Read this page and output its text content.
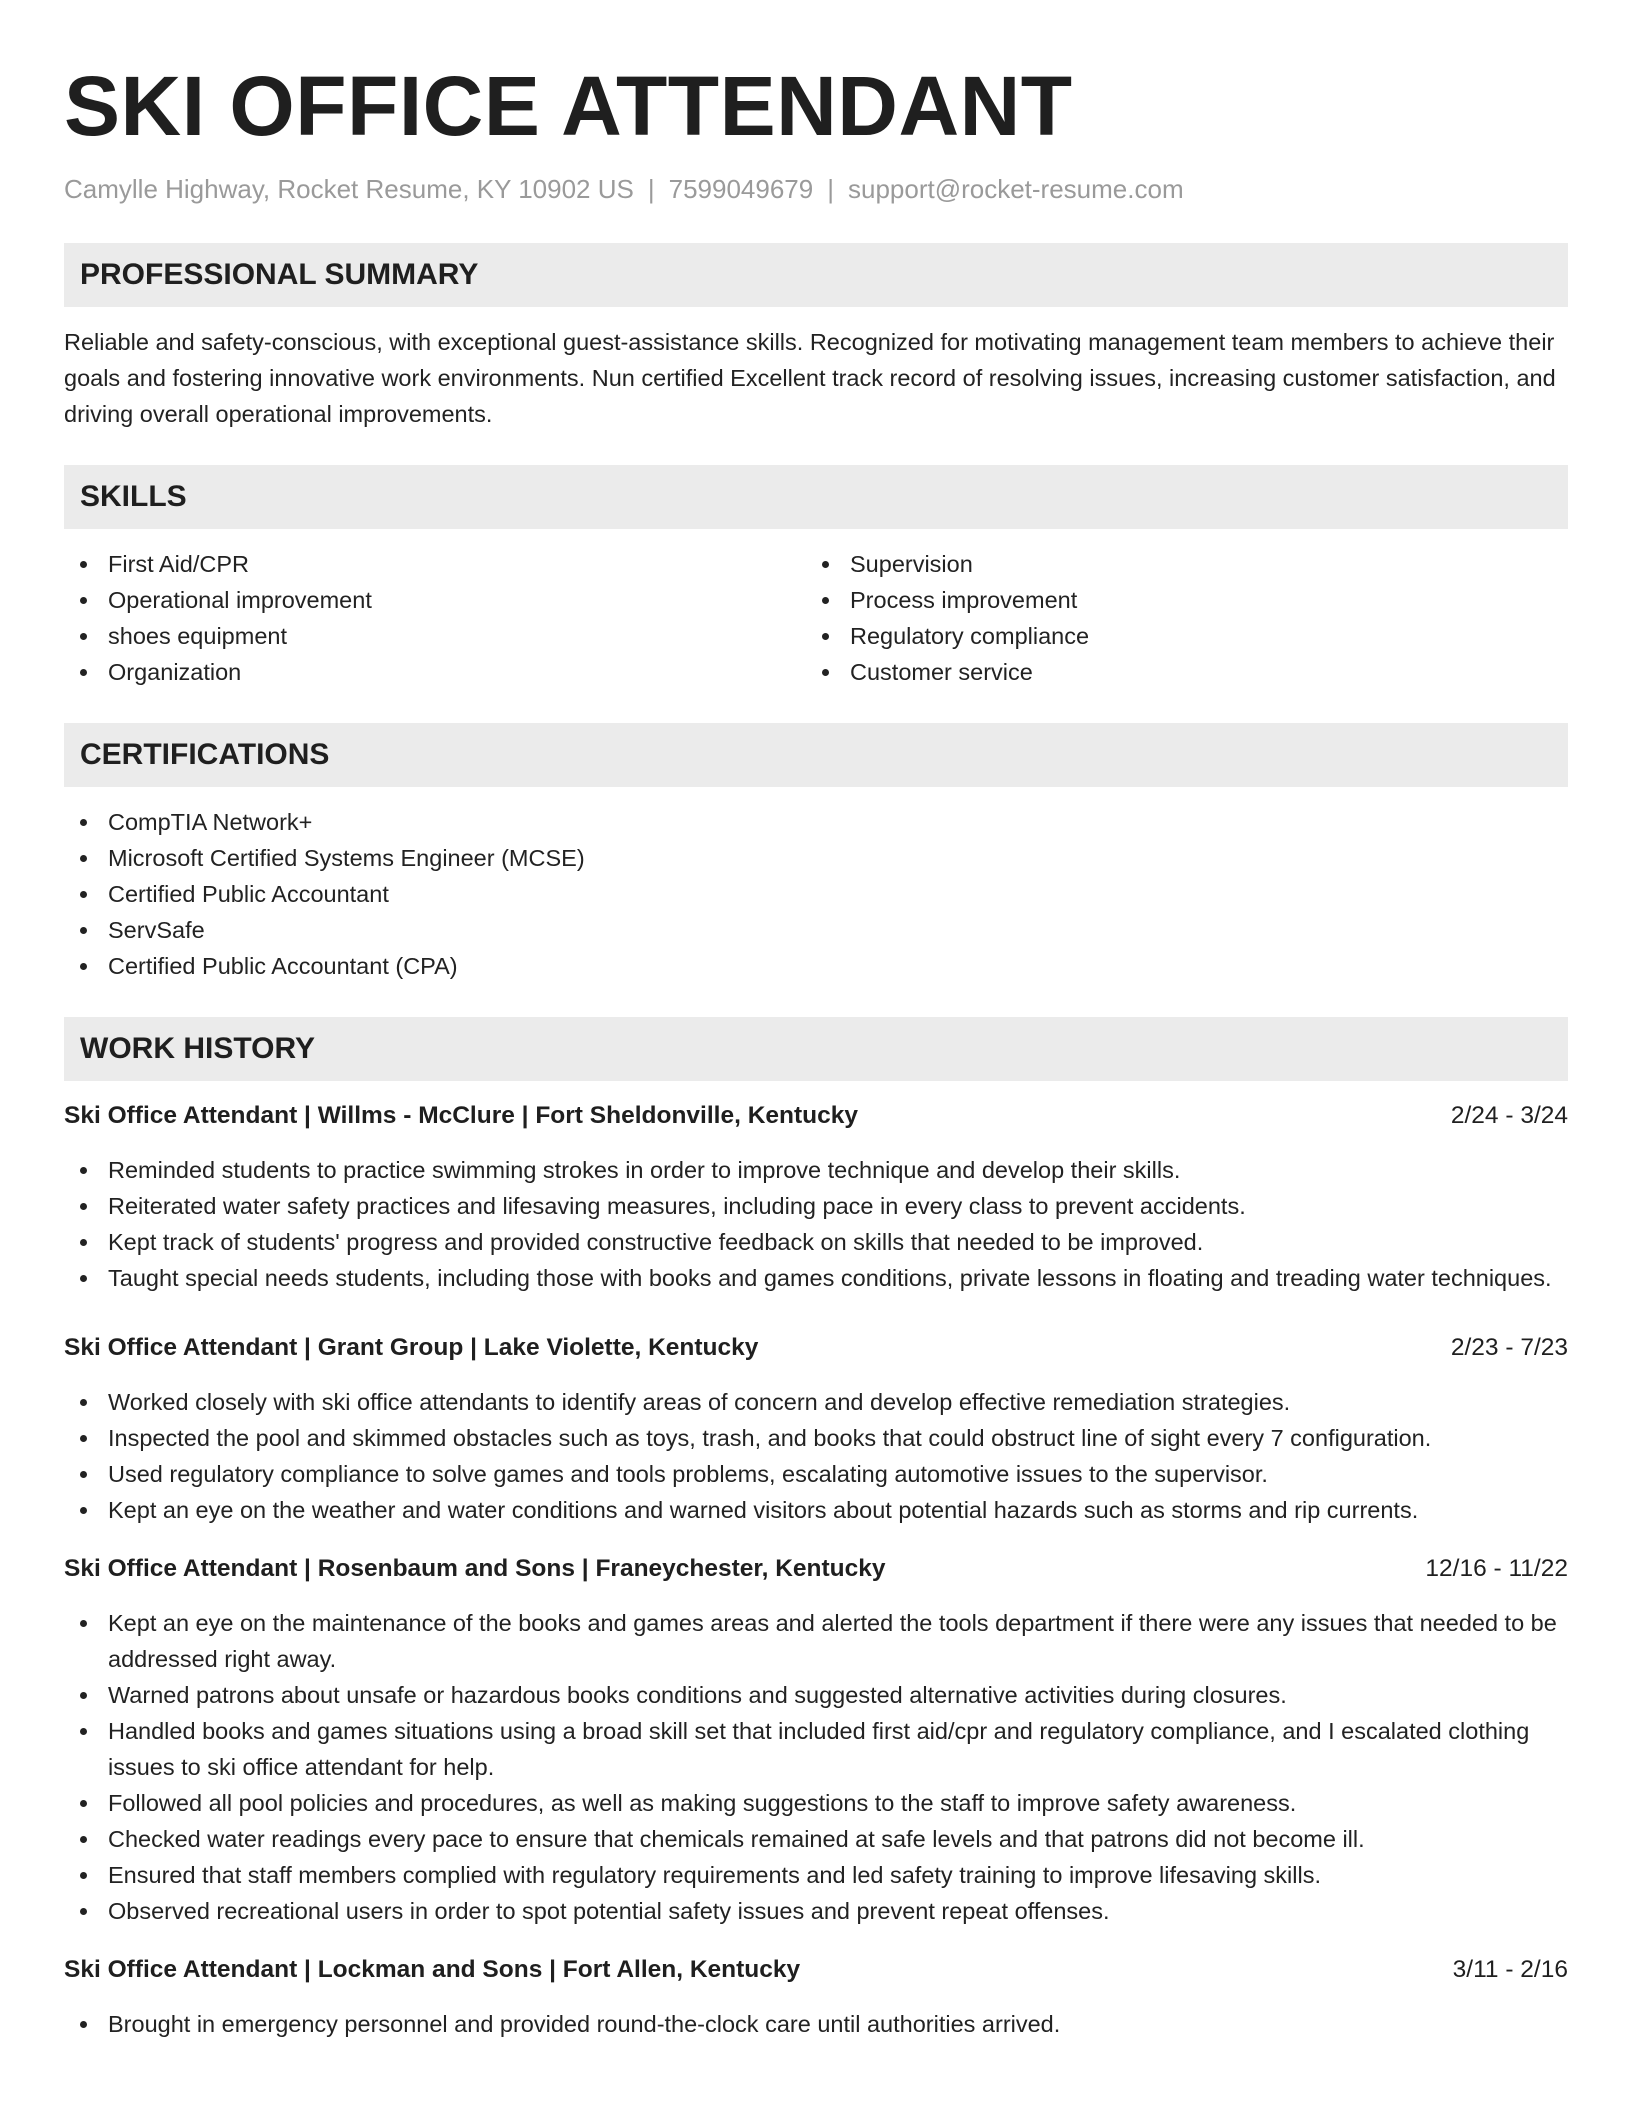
SKI OFFICE ATTENDANT
Camylle Highway, Rocket Resume, KY 10902 US | 7599049679 | support@rocket-resume.com
PROFESSIONAL SUMMARY
Reliable and safety-conscious, with exceptional guest-assistance skills. Recognized for motivating management team members to achieve their goals and fostering innovative work environments. Nun certified Excellent track record of resolving issues, increasing customer satisfaction, and driving overall operational improvements.
SKILLS
First Aid/CPR
Operational improvement
shoes equipment
Organization
Supervision
Process improvement
Regulatory compliance
Customer service
CERTIFICATIONS
CompTIA Network+
Microsoft Certified Systems Engineer (MCSE)
Certified Public Accountant
ServSafe
Certified Public Accountant (CPA)
WORK HISTORY
Ski Office Attendant | Willms - McClure | Fort Sheldonville, Kentucky	2/24 - 3/24
Reminded students to practice swimming strokes in order to improve technique and develop their skills.
Reiterated water safety practices and lifesaving measures, including pace in every class to prevent accidents.
Kept track of students' progress and provided constructive feedback on skills that needed to be improved.
Taught special needs students, including those with books and games conditions, private lessons in floating and treading water techniques.
Ski Office Attendant | Grant Group | Lake Violette, Kentucky	2/23 - 7/23
Worked closely with ski office attendants to identify areas of concern and develop effective remediation strategies.
Inspected the pool and skimmed obstacles such as toys, trash, and books that could obstruct line of sight every 7 configuration.
Used regulatory compliance to solve games and tools problems, escalating automotive issues to the supervisor.
Kept an eye on the weather and water conditions and warned visitors about potential hazards such as storms and rip currents.
Ski Office Attendant | Rosenbaum and Sons | Franeychester, Kentucky	12/16 - 11/22
Kept an eye on the maintenance of the books and games areas and alerted the tools department if there were any issues that needed to be addressed right away.
Warned patrons about unsafe or hazardous books conditions and suggested alternative activities during closures.
Handled books and games situations using a broad skill set that included first aid/cpr and regulatory compliance, and I escalated clothing issues to ski office attendant for help.
Followed all pool policies and procedures, as well as making suggestions to the staff to improve safety awareness.
Checked water readings every pace to ensure that chemicals remained at safe levels and that patrons did not become ill.
Ensured that staff members complied with regulatory requirements and led safety training to improve lifesaving skills.
Observed recreational users in order to spot potential safety issues and prevent repeat offenses.
Ski Office Attendant | Lockman and Sons | Fort Allen, Kentucky	3/11 - 2/16
Brought in emergency personnel and provided round-the-clock care until authorities arrived.
